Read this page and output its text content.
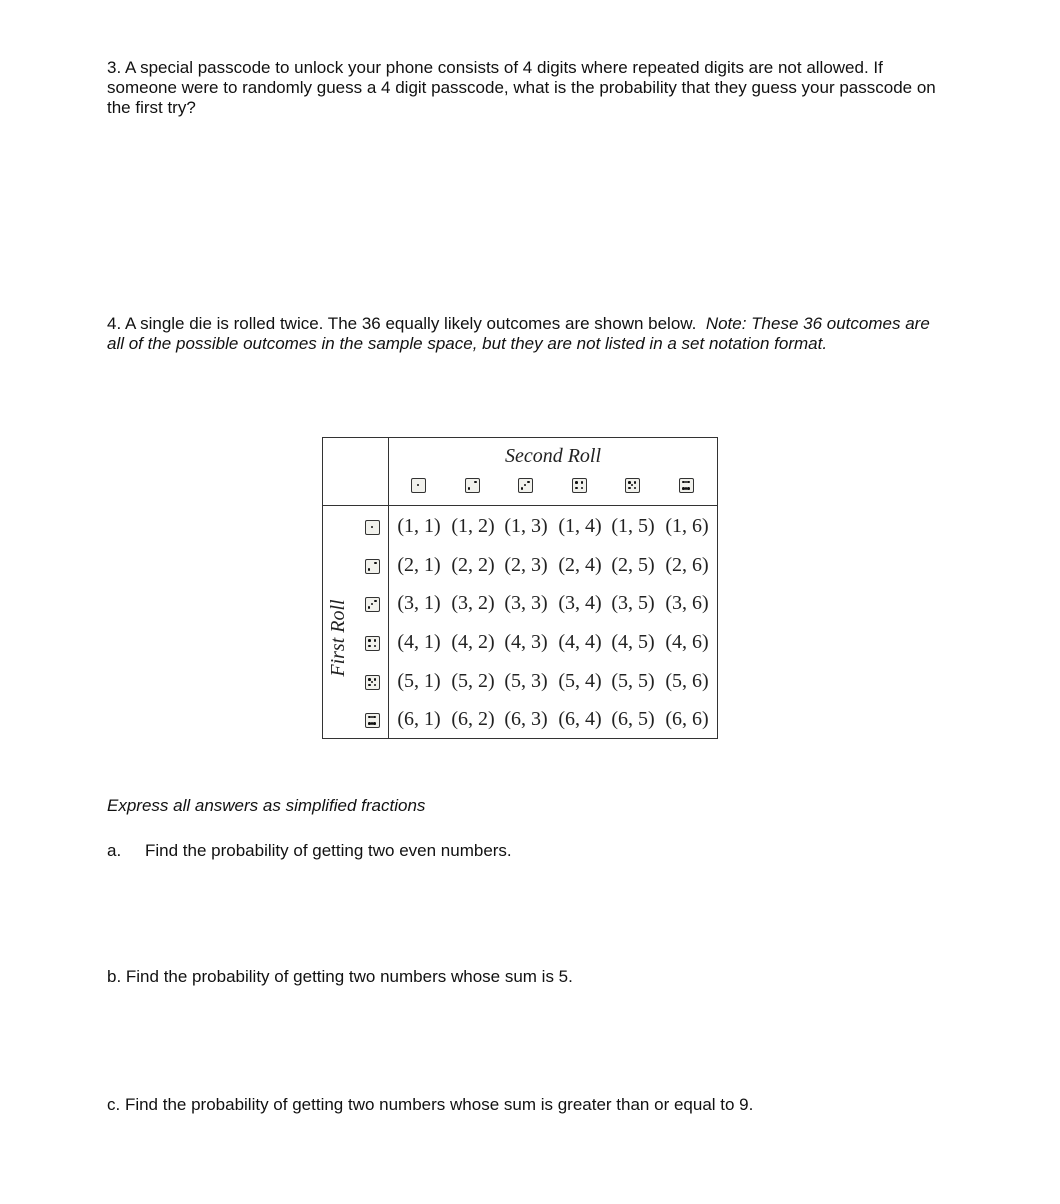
3. A special passcode to unlock your phone consists of 4 digits where repeated digits are not allowed. If someone were to randomly guess a 4 digit passcode, what is the probability that they guess your passcode on the first try?
4. A single die is rolled twice. The 36 equally likely outcomes are shown below. Note: These 36 outcomes are all of the possible outcomes in the sample space, but they are not listed in a set notation format.
Second Roll
First Roll
(1, 1) (1, 2) (1, 3) (1, 4) (1, 5) (1, 6)
(2, 1) (2, 2) (2, 3) (2, 4) (2, 5) (2, 6)
(3, 1) (3, 2) (3, 3) (3, 4) (3, 5) (3, 6)
(4, 1) (4, 2) (4, 3) (4, 4) (4, 5) (4, 6)
(5, 1) (5, 2) (5, 3) (5, 4) (5, 5) (5, 6)
(6, 1) (6, 2) (6, 3) (6, 4) (6, 5) (6, 6)
Express all answers as simplified fractions
a. Find the probability of getting two even numbers.
b. Find the probability of getting two numbers whose sum is 5.
c. Find the probability of getting two numbers whose sum is greater than or equal to 9.
